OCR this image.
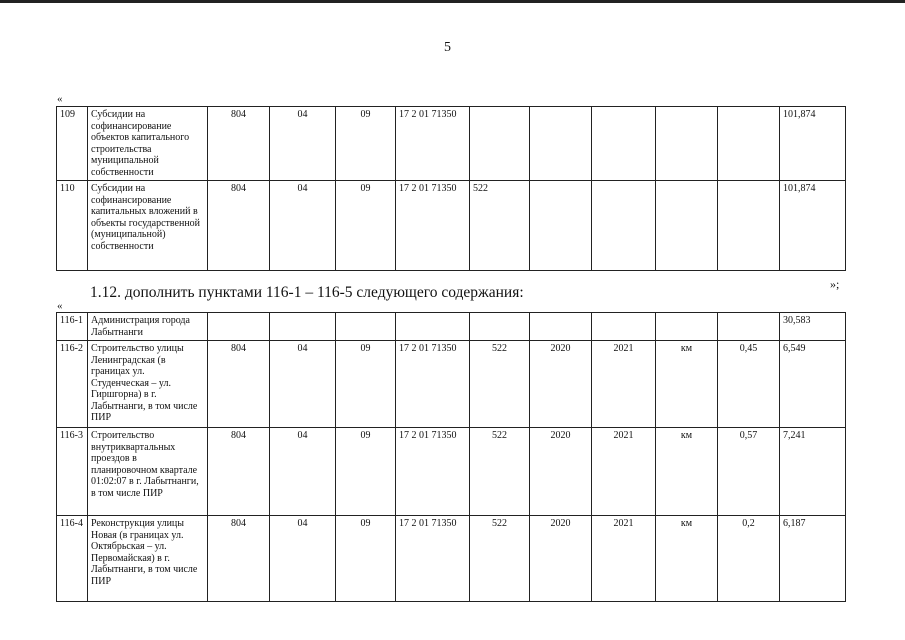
5
«
109	Субсидии на софинансирование объектов капитального строительства муниципальной собственности	804	04	09	17 2 01 71350						101,874
110	Субсидии на софинансирование капитальных вложений в объекты государственной (муниципальной) собственности	804	04	09	17 2 01 71350	522					101,874
»;
1.12. дополнить пунктами 116-1 – 116-5 следующего содержания:
«
116-1	Администрация города Лабытнанги										30,583
116-2	Строительство улицы Ленинградская (в границах ул. Студенческая – ул. Гиршгорна) в г. Лабытнанги, в том числе ПИР	804	04	09	17 2 01 71350	522	2020	2021	км	0,45	6,549
116-3	Строительство внутриквартальных проездов в планировочном квартале 01:02:07 в г. Лабытнанги, в том числе ПИР	804	04	09	17 2 01 71350	522	2020	2021	км	0,57	7,241
116-4	Реконструкция улицы Новая (в границах ул. Октябрьская – ул. Первомайская) в г. Лабытнанги, в том числе ПИР	804	04	09	17 2 01 71350	522	2020	2021	км	0,2	6,187
